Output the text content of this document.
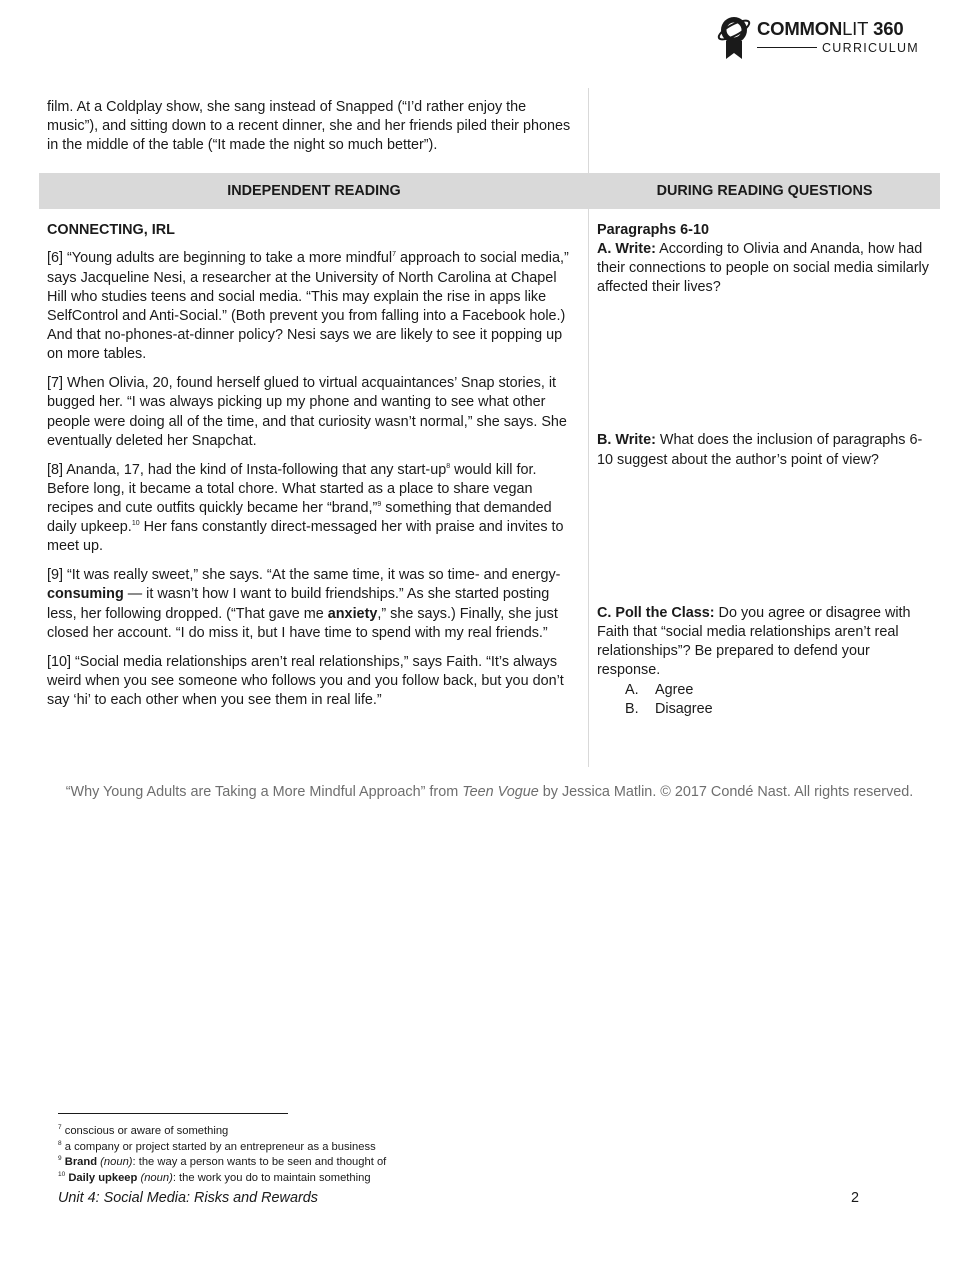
COMMONLIT 360
CURRICULUM

film. At a Coldplay show, she sang instead of Snapped (“I’d rather enjoy the music”), and sitting down to a recent dinner, she and her friends piled their phones in the middle of the table (“It made the night so much better”).

INDEPENDENT READING	DURING READING QUESTIONS

CONNECTING, IRL

[6] “Young adults are beginning to take a more mindful$^7$ approach to social media,” says Jacqueline Nesi, a researcher at the University of North Carolina at Chapel Hill who studies teens and social media. “This may explain the rise in apps like SelfControl and Anti-Social.” (Both prevent you from falling into a Facebook hole.) And that no-phones-at-dinner policy? Nesi says we are likely to see it popping up on more tables.

[7] When Olivia, 20, found herself glued to virtual acquaintances’ Snap stories, it bugged her. “I was always picking up my phone and wanting to see what other people were doing all of the time, and that curiosity wasn’t normal,” she says. She eventually deleted her Snapchat.

[8] Ananda, 17, had the kind of Insta-following that any start-$up^8$ would kill for. Before long, it became a total chore. What started as a place to share vegan recipes and cute outfits quickly became her “brand,”$^9$ something that demanded daily upkeep.$^{10}$ Her fans constantly direct-messaged her with praise and invites to meet up.

[9] “It was really sweet,” she says. “At the same time, it was so time- and energy-consuming — it wasn’t how I want to build friendships.” As she started posting less, her following dropped. (“That gave me anxiety,” she says.) Finally, she just closed her account. “I do miss it, but I have time to spend with my real friends.”

[10] “Social media relationships aren’t real relationships,” says Faith. “It’s always weird when you see someone who follows you and you follow back, but you don’t say ‘hi’ to each other when you see them in real life.”

Paragraphs 6-10

A. Write: According to Olivia and Ananda, how had their connections to people on social media similarly affected their lives?

B. Write: What does the inclusion of paragraphs 6-10 suggest about the author’s point of view?

C. Poll the Class: Do you agree or disagree with Faith that “social media relationships aren’t real relationships”? Be prepared to defend your response.

A.	Agree
B.	Disagree
“Why Young Adults are Taking a More Mindful Approach” from Teen Vogue by Jessica Matlin. © 2017 Condé Nast. All rights reserved.
$^7$ conscious or aware of something
$^8$ a company or project started by an entrepreneur as a business
$^9$ Brand (noun): the way a person wants to be seen and thought of
$^{10}$ Daily upkeep (noun): the work you do to maintain something
Unit 4: Social Media: Risks and Rewards	2
